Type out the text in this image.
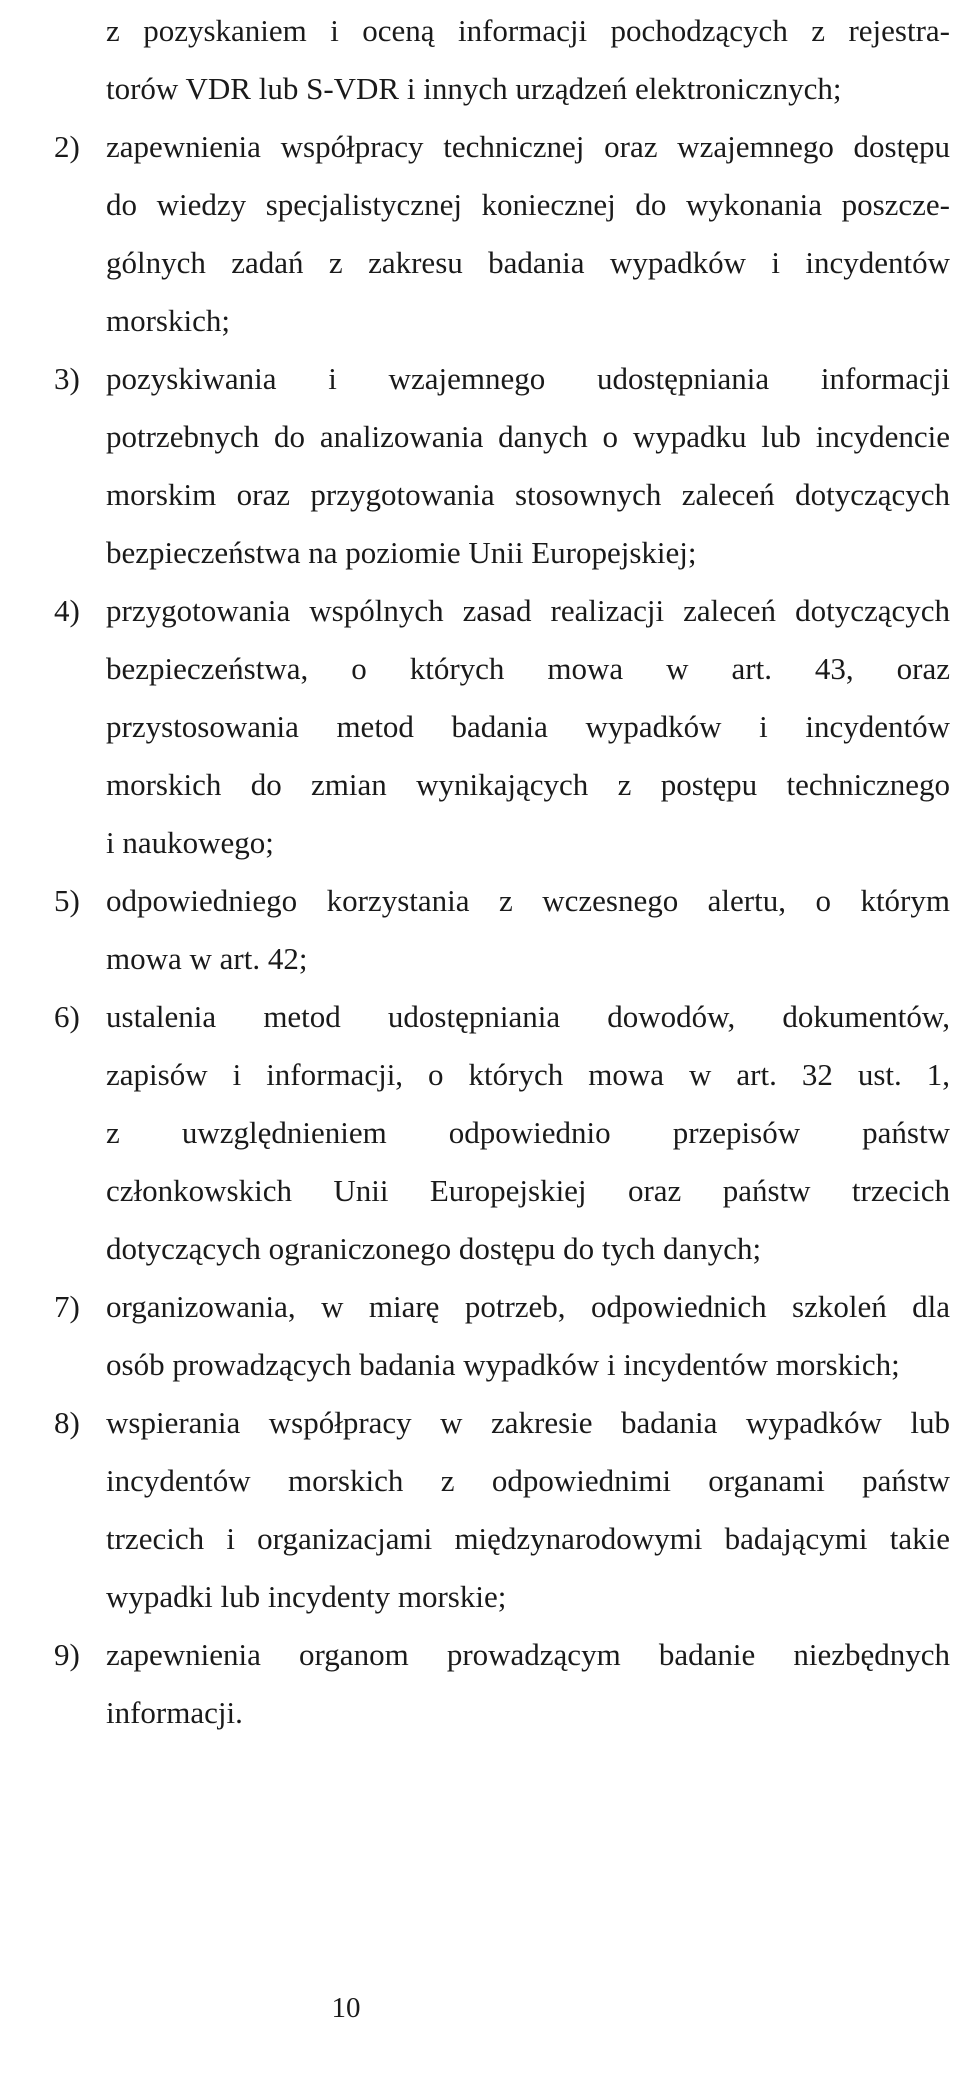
z pozyskaniem i oceną informacji pochodzących z rejestra-
torów VDR lub S-VDR i innych urządzeń elektronicznych;
2) zapewnienia współpracy technicznej oraz wzajemnego dostępu
do wiedzy specjalistycznej koniecznej do wykonania poszcze-
gólnych zadań z zakresu badania wypadków i incydentów
morskich;
3) pozyskiwania i wzajemnego udostępniania informacji
potrzebnych do analizowania danych o wypadku lub incydencie
morskim oraz przygotowania stosownych zaleceń dotyczących
bezpieczeństwa na poziomie Unii Europejskiej;
4) przygotowania wspólnych zasad realizacji zaleceń dotyczących
bezpieczeństwa, o których mowa w art. 43, oraz
przystosowania metod badania wypadków i incydentów
morskich do zmian wynikających z postępu technicznego
i naukowego;
5) odpowiedniego korzystania z wczesnego alertu, o którym
mowa w art. 42;
6) ustalenia metod udostępniania dowodów, dokumentów,
zapisów i informacji, o których mowa w art. 32 ust. 1,
z uwzględnieniem odpowiednio przepisów państw
członkowskich Unii Europejskiej oraz państw trzecich
dotyczących ograniczonego dostępu do tych danych;
7) organizowania, w miarę potrzeb, odpowiednich szkoleń dla
osób prowadzących badania wypadków i incydentów morskich;
8) wspierania współpracy w zakresie badania wypadków lub
incydentów morskich z odpowiednimi organami państw
trzecich i organizacjami międzynarodowymi badającymi takie
wypadki lub incydenty morskie;
9) zapewnienia organom prowadzącym badanie niezbędnych
informacji.
10
